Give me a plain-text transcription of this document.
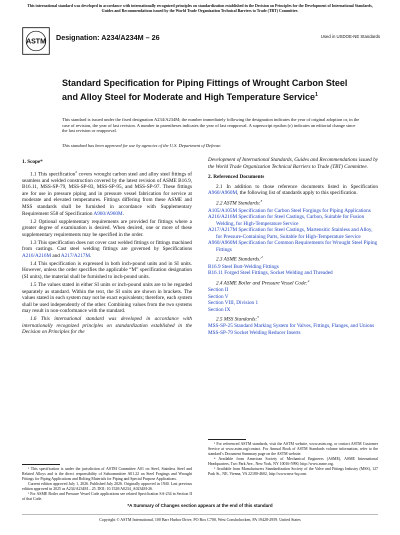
This international standard was developed in accordance with internationally recognized principles on standardization established in the Decision on Principles for the Development of International Standards, Guides and Recommendations issued by the World Trade Organization Technical Barriers to Trade (TBT) Committee.
ASTM Designation: A234/A234M – 26	Used in USDOE-NE Standards
Standard Specification for Piping Fittings of Wrought Carbon Steel and Alloy Steel for Moderate and High Temperature Service$^1$
This standard is issued under the fixed designation A234/A234M; the number immediately following the designation indicates the year of original adoption or, in the case of revision, the year of last revision. A number in parentheses indicates the year of last reapproval. A superscript epsilon (ε) indicates an editorial change since the last revision or reapproval.
This standard has been approved for use by agencies of the U.S. Department of Defense.
1. Scope*

1.1 This specification$^2$ covers wrought carbon steel and alloy steel fittings of seamless and welded construction covered by the latest revision of ASME B16.9, B16.11, MSS-SP-79, MSS-SP-83, MSS-SP-95, and MSS-SP-97. These fittings are for use in pressure piping and in pressure vessel fabrication for service at moderate and elevated temperatures. Fittings differing from these ASME and MSS standards shall be furnished in accordance with Supplementary Requirement S58 of Specification A960/A960M.

1.2 Optional supplementary requirements are provided for fittings where a greater degree of examination is desired. When desired, one or more of these supplementary requirements may be specified in the order.

1.3 This specification does not cover cast welded fittings or fittings machined from castings. Cast steel welding fittings are governed by Specifications A216/A216M and A217/A217M.

1.4 This specification is expressed in both inch-pound units and in SI units. However, unless the order specifies the applicable “M” specification designation (SI units), the material shall be furnished to inch-pound units.

1.5 The values stated in either SI units or inch-pound units are to be regarded separately as standard. Within the text, the SI units are shown in brackets. The values stated in each system may not be exact equivalents; therefore, each system shall be used independently of the other. Combining values from the two systems may result in non-conformance with the standard.

1.6 This international standard was developed in accordance with internationally recognized principles on standardization established in the Decision on Principles for the

¹ This specification is under the jurisdiction of ASTM Committee A01 on Steel, Stainless Steel and Related Alloys and is the direct responsibility of Subcommittee A01.22 on Steel Forgings and Wrought Fittings for Piping Applications and Bolting Materials for Piping and Special Purpose Applications.

Current edition approved July 1, 2026. Published July 2026. Originally approved in 1940. Last previous edition approved in 2025 as A234/A234M – 25. DOI: 10.1520/A0234_A0234M-26.

² For ASME Boiler and Pressure Vessel Code applications see related Specification SA-234 in Section II of that Code.

Development of International Standards, Guides and Recommendations issued by the World Trade Organization Technical Barriers to Trade (TBT) Committee.

2. Referenced Documents

2.1 In addition to those reference documents listed in Specification A960/A960M, the following list of standards apply to this specification.

2.2 ASTM Standards:$^3$
A105/A105M Specification for Carbon Steel Forgings for Piping Applications
A216/A216M Specification for Steel Castings, Carbon, Suitable for Fusion Welding, for High-Temperature Service
A217/A217M Specification for Steel Castings, Martensitic Stainless and Alloy, for Pressure-Containing Parts, Suitable for High-Temperature Service
A960/A960M Specification for Common Requirements for Wrought Steel Piping Fittings
2.3 ASME Standards:$^4$
B16.9 Steel Butt-Welding Fittings
B16.11 Forged Steel Fittings, Socket Welding and Threaded
2.4 ASME Boiler and Pressure Vessel Code:$^4$
Section II
Section V
Section VIII, Division 1
Section IX
2.5 MSS Standards:$^5$
MSS-SP-25 Standard Marking System for Valves, Fittings, Flanges, and Unions
MSS-SP-79 Socket Welding Reducer Inserts

³ For referenced ASTM standards, visit the ASTM website, www.astm.org, or contact ASTM Customer Service at www.astm.org/contact. For Annual Book of ASTM Standards volume information, refer to the standard’s Document Summary page on the ASTM website.

⁴ Available from American Society of Mechanical Engineers (ASME), ASME International Headquarters, Two Park Ave., New York, NY 10016-5990, http://www.asme.org.

⁵ Available from Manufacturers Standardization Society of the Valve and Fittings Industry (MSS), 127 Park St., NE, Vienna, VA 22180-4602, http://www.mss-hq.com.

*A Summary of Changes section appears at the end of this standard
Copyright © ASTM International, 100 Barr Harbor Drive, PO Box C700, West Conshohocken, PA 19428-2959. United States
